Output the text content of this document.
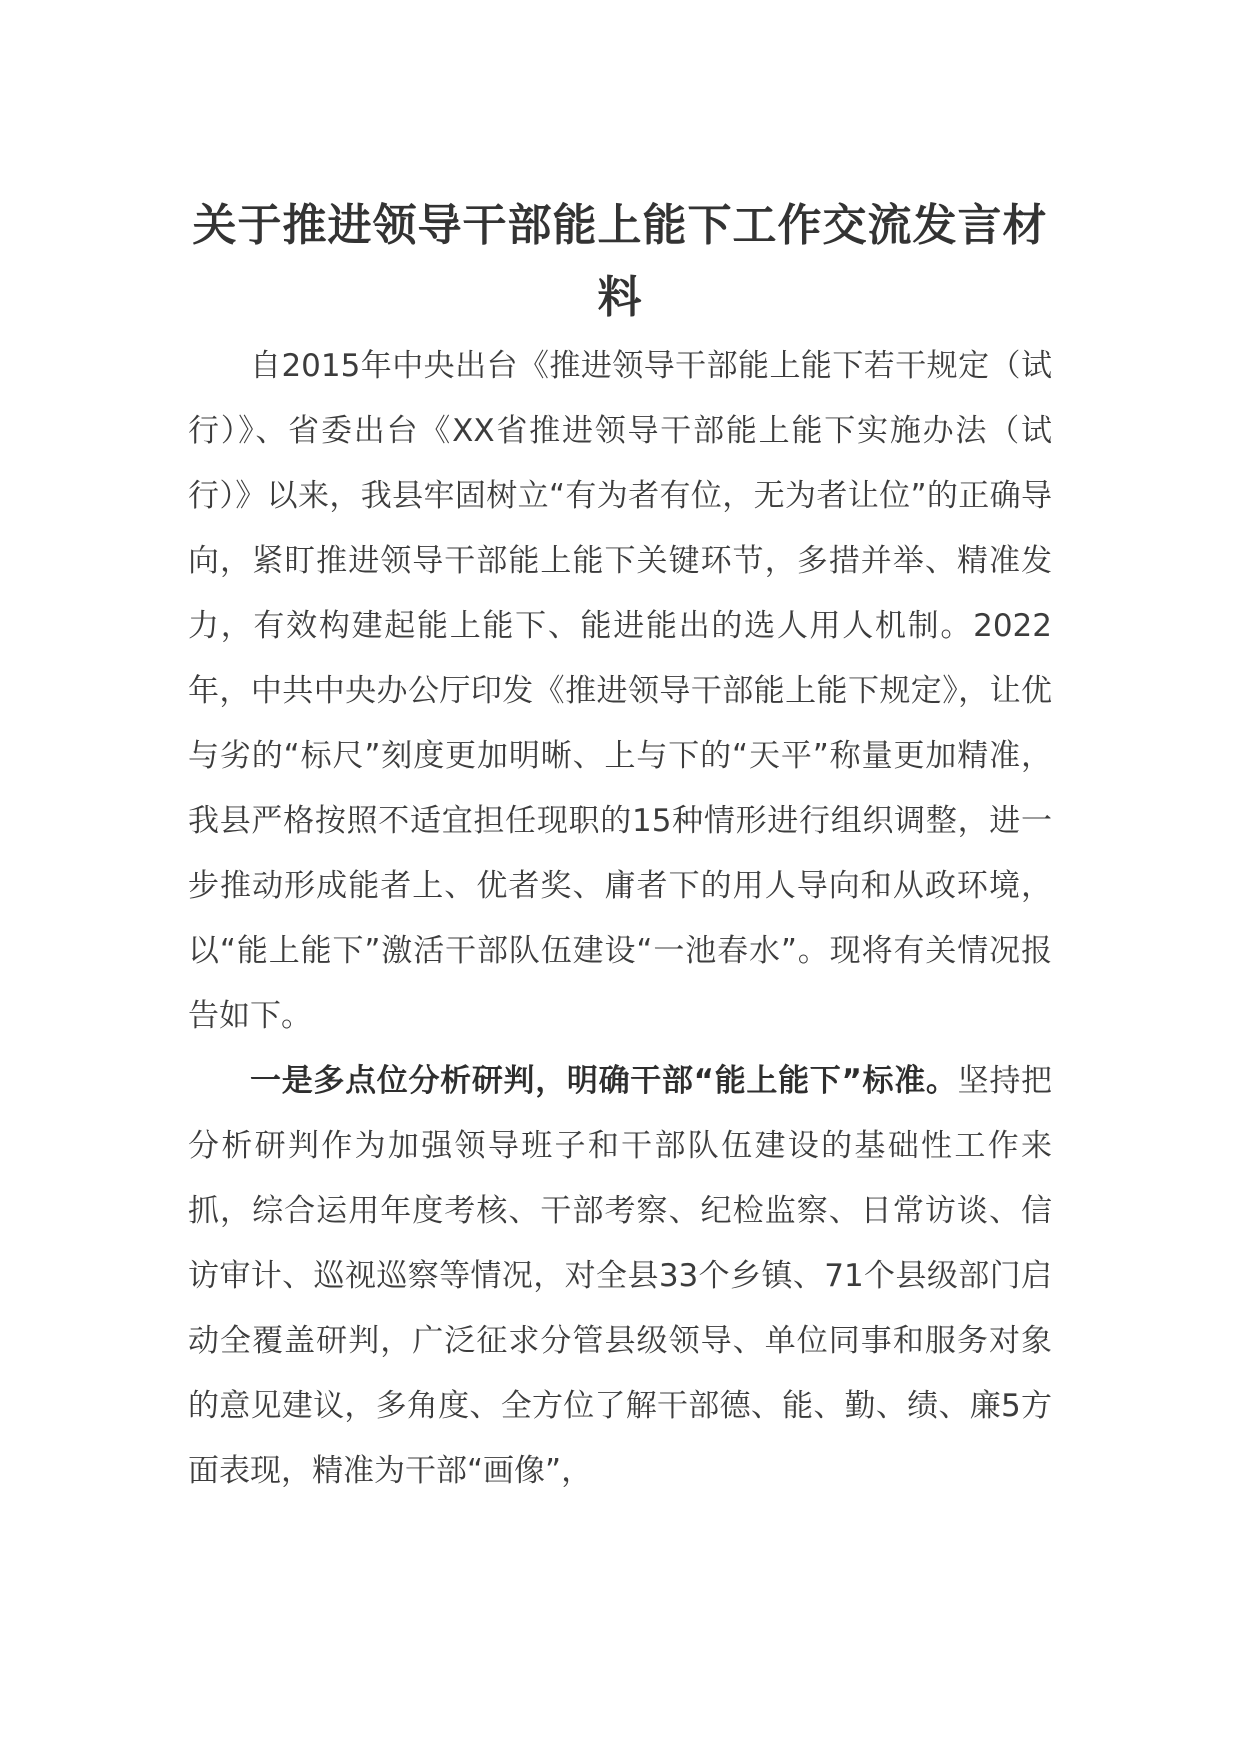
关于推进领导干部能上能下工作交流发言材料

自2015年中央出台《推进领导干部能上能下若干规定（试行）》、省委出台《XX省推进领导干部能上能下实施办法（试行）》以来，我县牢固树立“有为者有位，无为者让位”的正确导向，紧盯推进领导干部能上能下关键环节，多措并举、精准发力，有效构建起能上能下、能进能出的选人用人机制。2022年，中共中央办公厅印发《推进领导干部能上能下规定》，让优与劣的“标尺”刻度更加明晰、上与下的“天平”称量更加精准，我县严格按照不适宜担任现职的15种情形进行组织调整，进一步推动形成能者上、优者奖、庸者下的用人导向和从政环境，以“能上能下”激活干部队伍建设“一池春水”。现将有关情况报告如下。

一是多点位分析研判，明确干部“能上能下”标准。坚持把分析研判作为加强领导班子和干部队伍建设的基础性工作来抓，综合运用年度考核、干部考察、纪检监察、日常访谈、信访审计、巡视巡察等情况，对全县33个乡镇、71个县级部门启动全覆盖研判，广泛征求分管县级领导、单位同事和服务对象的意见建议，多角度、全方位了解干部德、能、勤、绩、廉5方面表现，精准为干部“画像”，
